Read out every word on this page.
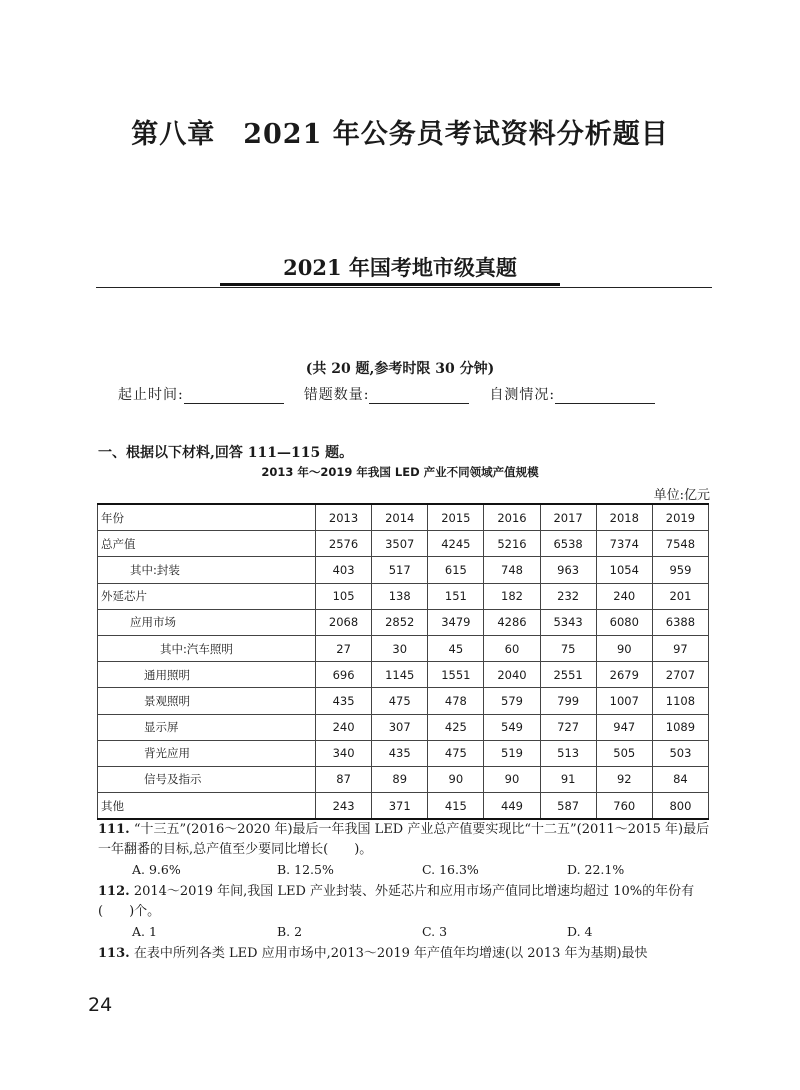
第八章　2021 年公务员考试资料分析题目
2021 年国考地市级真题
(共 20 题,参考时限 30 分钟)
起止时间:	错题数量:	自测情况:
一、根据以下材料,回答 111—115 题。
2013 年～2019 年我国 LED 产业不同领域产值规模
单位:亿元
年份	2013	2014	2015	2016	2017	2018	2019
总产值	2576	3507	4245	5216	6538	7374	7548
其中:封装	403	517	615	748	963	1054	959
外延芯片	105	138	151	182	232	240	201
应用市场	2068	2852	3479	4286	5343	6080	6388
其中:汽车照明	27	30	45	60	75	90	97
通用照明	696	1145	1551	2040	2551	2679	2707
景观照明	435	475	478	579	799	1007	1108
显示屏	240	307	425	549	727	947	1089
背光应用	340	435	475	519	513	505	503
信号及指示	87	89	90	90	91	92	84
其他	243	371	415	449	587	760	800
111. “十三五”(2016～2020 年)最后一年我国 LED 产业总产值要实现比“十二五”(2011～2015 年)最后一年翻番的目标,总产值至少要同比增长(　　)。
A. 9.6%	B. 12.5%	C. 16.3%	D. 22.1%
112. 2014～2019 年间,我国 LED 产业封装、外延芯片和应用市场产值同比增速均超过 10%的年份有(　　)个。
A. 1	B. 2	C. 3	D. 4
113. 在表中所列各类 LED 应用市场中,2013～2019 年产值年均增速(以 2013 年为基期)最快
24
